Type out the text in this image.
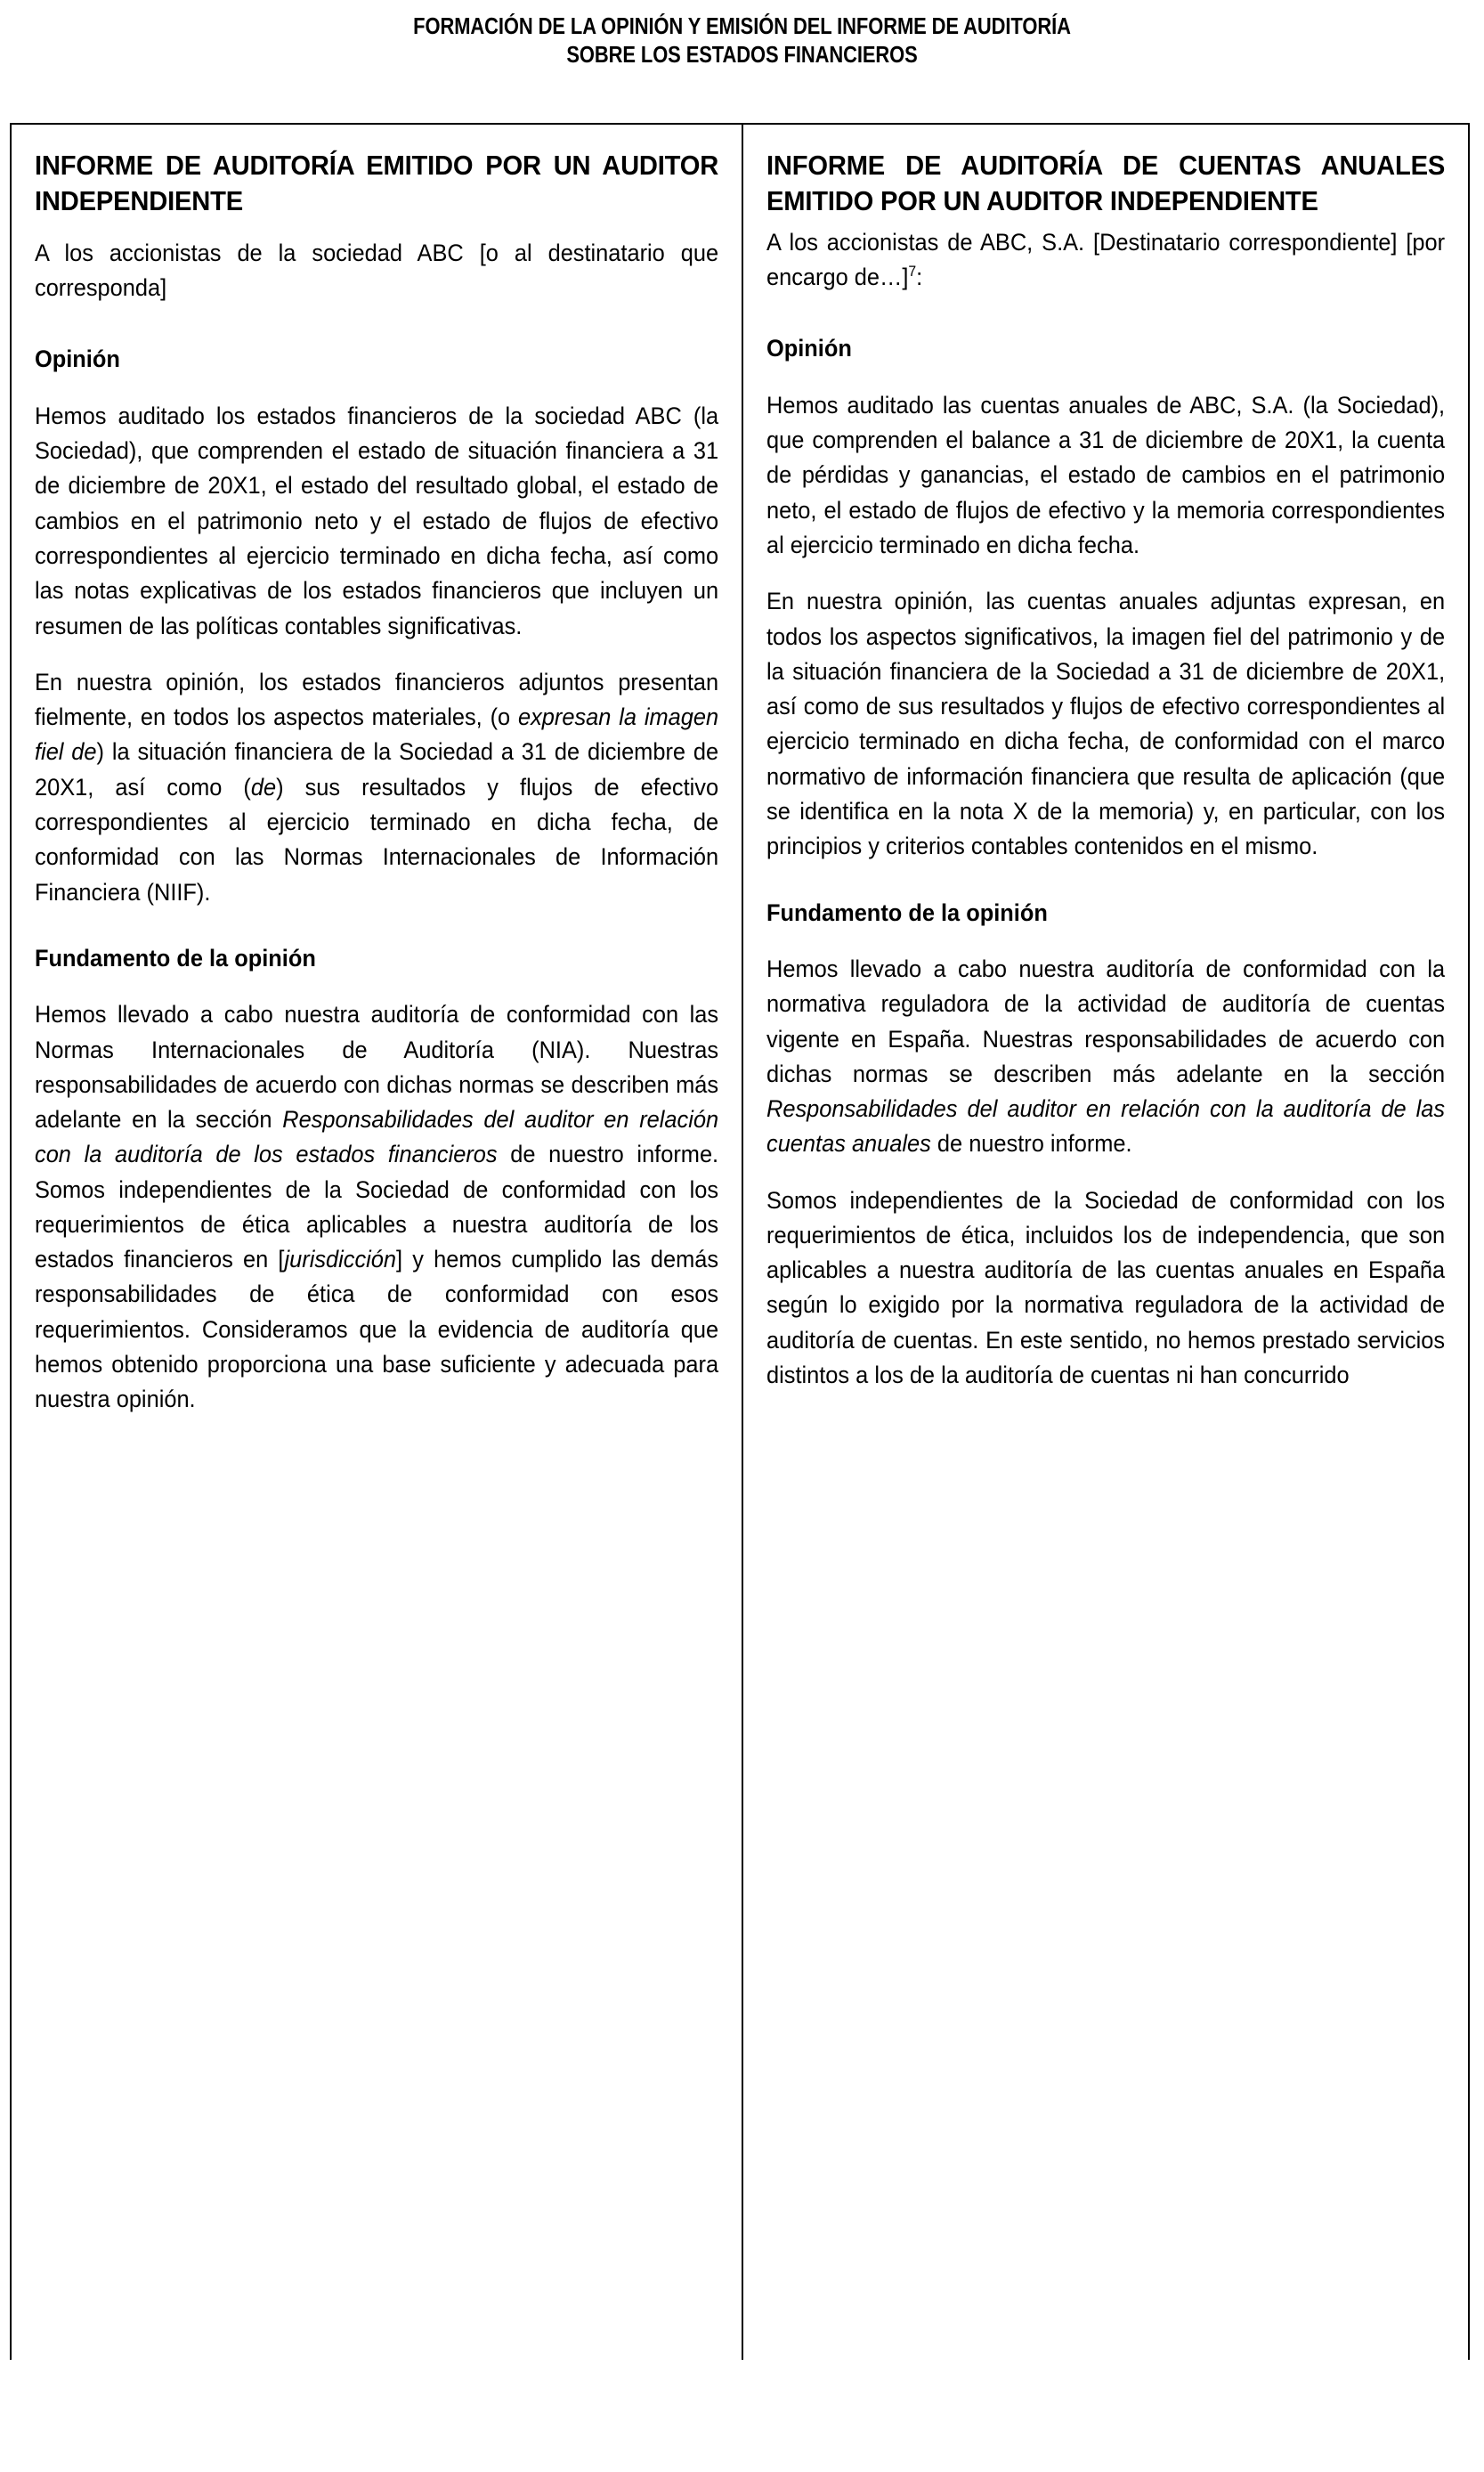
FORMACIÓN DE LA OPINIÓN Y EMISIÓN DEL INFORME DE AUDITORÍA
SOBRE LOS ESTADOS FINANCIEROS
INFORME DE AUDITORÍA EMITIDO POR UN AUDITOR INDEPENDIENTE
A los accionistas de la sociedad ABC [o al destinatario que corresponda]
Opinión

Hemos auditado los estados financieros de la sociedad ABC (la Sociedad), que comprenden el estado de situación financiera a 31 de diciembre de 20X1, el estado del resultado global, el estado de cambios en el patrimonio neto y el estado de flujos de efectivo correspondientes al ejercicio terminado en dicha fecha, así como las notas explicativas de los estados financieros que incluyen un resumen de las políticas contables significativas.

En nuestra opinión, los estados financieros adjuntos presentan fielmente, en todos los aspectos materiales, (o expresan la imagen fiel de) la situación financiera de la Sociedad a 31 de diciembre de 20X1, así como (de) sus resultados y flujos de efectivo correspondientes al ejercicio terminado en dicha fecha, de conformidad con las Normas Internacionales de Información Financiera (NIIF).

Fundamento de la opinión

Hemos llevado a cabo nuestra auditoría de conformidad con las Normas Internacionales de Auditoría (NIA). Nuestras responsabilidades de acuerdo con dichas normas se describen más adelante en la sección Responsabilidades del auditor en relación con la auditoría de los estados financieros de nuestro informe. Somos independientes de la Sociedad de conformidad con los requerimientos de ética aplicables a nuestra auditoría de los estados financieros en [jurisdicción] y hemos cumplido las demás responsabilidades de ética de conformidad con esos requerimientos. Consideramos que la evidencia de auditoría que hemos obtenido proporciona una base suficiente y adecuada para nuestra opinión.

INFORME DE AUDITORÍA DE CUENTAS ANUALES EMITIDO POR UN AUDITOR INDEPENDIENTE
A los accionistas de ABC, S.A. [Destinatario correspondiente] [por encargo de…]$^7$:
Opinión

Hemos auditado las cuentas anuales de ABC, S.A. (la Sociedad), que comprenden el balance a 31 de diciembre de 20X1, la cuenta de pérdidas y ganancias, el estado de cambios en el patrimonio neto, el estado de flujos de efectivo y la memoria correspondientes al ejercicio terminado en dicha fecha.

En nuestra opinión, las cuentas anuales adjuntas expresan, en todos los aspectos significativos, la imagen fiel del patrimonio y de la situación financiera de la Sociedad a 31 de diciembre de 20X1, así como de sus resultados y flujos de efectivo correspondientes al ejercicio terminado en dicha fecha, de conformidad con el marco normativo de información financiera que resulta de aplicación (que se identifica en la nota X de la memoria) y, en particular, con los principios y criterios contables contenidos en el mismo.

Fundamento de la opinión

Hemos llevado a cabo nuestra auditoría de conformidad con la normativa reguladora de la actividad de auditoría de cuentas vigente en España. Nuestras responsabilidades de acuerdo con dichas normas se describen más adelante en la sección Responsabilidades del auditor en relación con la auditoría de las cuentas anuales de nuestro informe.

Somos independientes de la Sociedad de conformidad con los requerimientos de ética, incluidos los de independencia, que son aplicables a nuestra auditoría de las cuentas anuales en España según lo exigido por la normativa reguladora de la actividad de auditoría de cuentas. En este sentido, no hemos prestado servicios distintos a los de la auditoría de cuentas ni han concurrido
